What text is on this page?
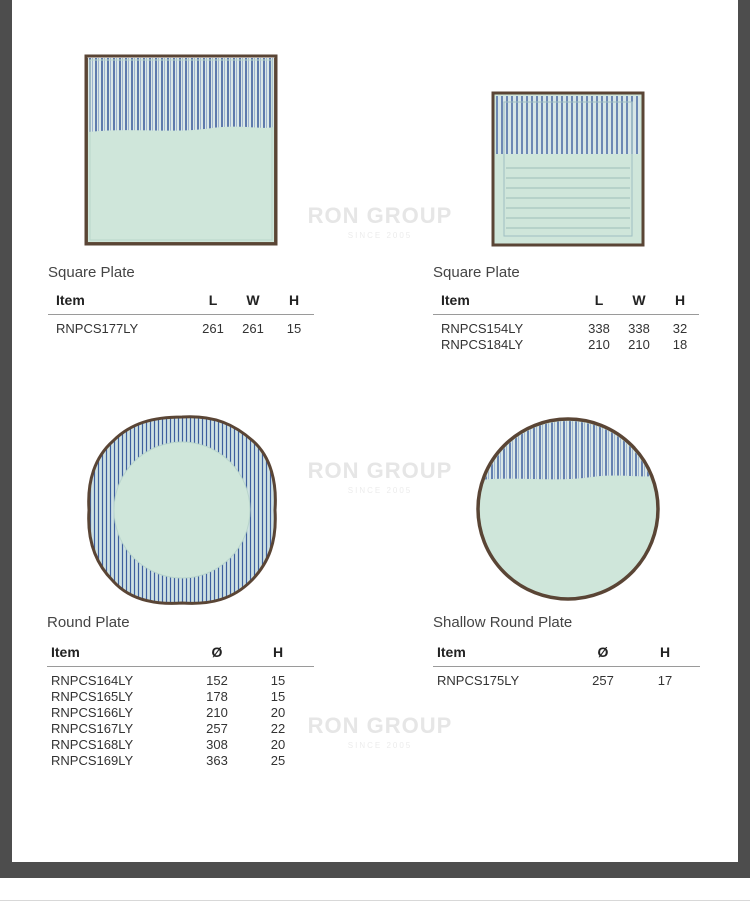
RON GROUP
SINCE 2005
RON GROUP
SINCE 2005
RON GROUP
SINCE 2005
Square Plate
Item	L W H
RNPCS177LY	261 261 15
Square Plate
Item	L W H
RNPCS154LY	338 338 32
RNPCS184LY	210 210 18
Round Plate
Item	Ø	H
RNPCS164LY	152	15
RNPCS165LY	178	15
RNPCS166LY	210	20
RNPCS167LY	257	22
RNPCS168LY	308	20
RNPCS169LY	363	25
Shallow Round Plate
Item	Ø	H
RNPCS175LY	257	17
